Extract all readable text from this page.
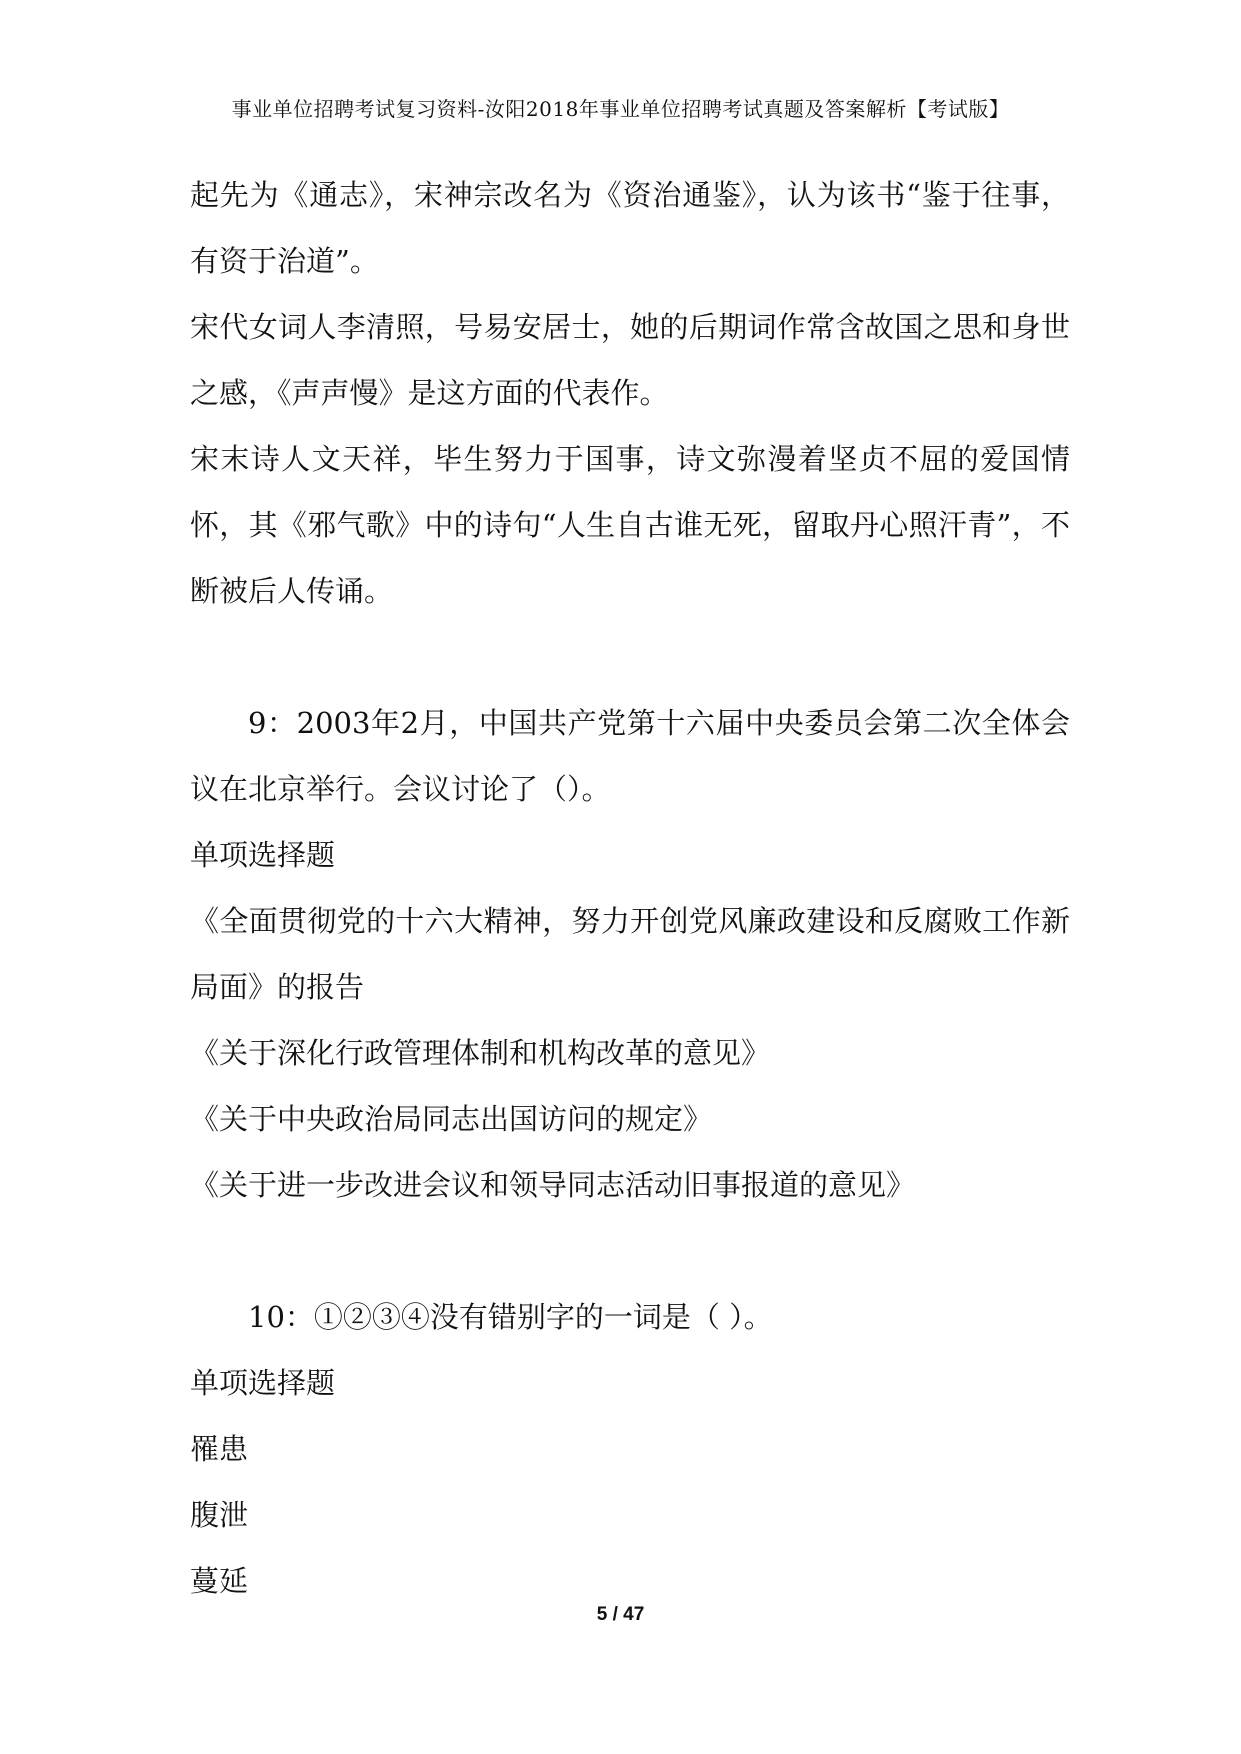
事业单位招聘考试复习资料-汝阳2018年事业单位招聘考试真题及答案解析【考试版】

起先为《通志》，宋神宗改名为《资治通鉴》，认为该书“鉴于往事，有资于治道”。

宋代女词人李清照，号易安居士，她的后期词作常含故国之思和身世之感，《声声慢》是这方面的代表作。

宋末诗人文天祥，毕生努力于国事，诗文弥漫着坚贞不屈的爱国情怀，其《邪气歌》中的诗句“人生自古谁无死，留取丹心照汗青”，不断被后人传诵。

9：2003年2月，中国共产党第十六届中央委员会第二次全体会议在北京举行。会议讨论了（）。

单项选择题

《全面贯彻党的十六大精神，努力开创党风廉政建设和反腐败工作新局面》的报告

《关于深化行政管理体制和机构改革的意见》

《关于中央政治局同志出国访问的规定》

《关于进一步改进会议和领导同志活动旧事报道的意见》

10：①②③④没有错别字的一词是（ ）。

单项选择题

罹患

腹泄

蔓延

5 / 47
